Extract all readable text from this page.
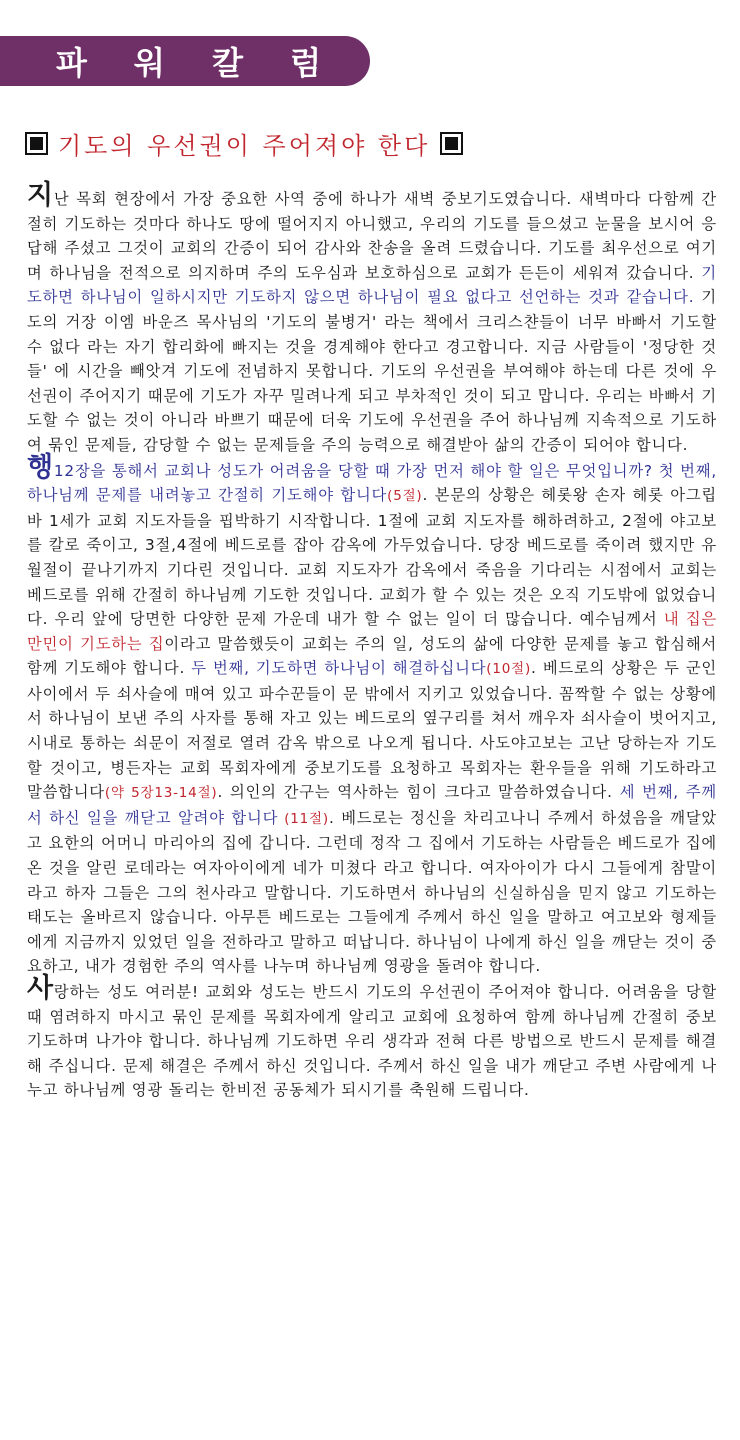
파 워 칼 럼
기도의 우선권이 주어져야 한다

지난 목회 현장에서 가장 중요한 사역 중에 하나가 새벽 중보기도였습니다. 새벽마다 다함께 간절히 기도하는 것마다 하나도 땅에 떨어지지 아니했고, 우리의 기도를 들으셨고 눈물을 보시어 응답해 주셨고 그것이 교회의 간증이 되어 감사와 찬송을 올려 드렸습니다. 기도를 최우선으로 여기며 하나님을 전적으로 의지하며 주의 도우심과 보호하심으로 교회가 든든이 세워져 갔습니다. 기도하면 하나님이 일하시지만 기도하지 않으면 하나님이 필요 없다고 선언하는 것과 같습니다. 기도의 거장 이엠 바운즈 목사님의 '기도의 불병거' 라는 책에서 크리스챤들이 너무 바빠서 기도할 수 없다 라는 자기 합리화에 빠지는 것을 경계해야 한다고 경고합니다. 지금 사람들이 '정당한 것들' 에 시간을 빼앗겨 기도에 전념하지 못합니다. 기도의 우선권을 부여해야 하는데 다른 것에 우선권이 주어지기 때문에 기도가 자꾸 밀려나게 되고 부차적인 것이 되고 맙니다. 우리는 바빠서 기도할 수 없는 것이 아니라 바쁘기 때문에 더욱 기도에 우선권을 주어 하나님께 지속적으로 기도하여 묶인 문제들, 감당할 수 없는 문제들을 주의 능력으로 해결받아 삶의 간증이 되어야 합니다.

행12장을 통해서 교회나 성도가 어려움을 당할 때 가장 먼저 해야 할 일은 무엇입니까? 첫 번째, 하나님께 문제를 내려놓고 간절히 기도해야 합니다(5절). 본문의 상황은 헤롯왕 손자 헤롯 아그립바 1세가 교회 지도자들을 핍박하기 시작합니다. 1절에 교회 지도자를 해하려하고, 2절에 야고보를 칼로 죽이고, 3절,4절에 베드로를 잡아 감옥에 가두었습니다. 당장 베드로를 죽이려 했지만 유월절이 끝나기까지 기다린 것입니다. 교회 지도자가 감옥에서 죽음을 기다리는 시점에서 교회는 베드로를 위해 간절히 하나님께 기도한 것입니다. 교회가 할 수 있는 것은 오직 기도밖에 없었습니다. 우리 앞에 당면한 다양한 문제 가운데 내가 할 수 없는 일이 더 많습니다. 예수님께서 내 집은 만민이 기도하는 집이라고 말씀했듯이 교회는 주의 일, 성도의 삶에 다양한 문제를 놓고 합심해서 함께 기도해야 합니다. 두 번째, 기도하면 하나님이 해결하십니다(10절). 베드로의 상황은 두 군인 사이에서 두 쇠사슬에 매여 있고 파수꾼들이 문 밖에서 지키고 있었습니다. 꼼짝할 수 없는 상황에서 하나님이 보낸 주의 사자를 통해 자고 있는 베드로의 옆구리를 쳐서 깨우자 쇠사슬이 벗어지고, 시내로 통하는 쇠문이 저절로 열려 감옥 밖으로 나오게 됩니다. 사도야고보는 고난 당하는자 기도할 것이고, 병든자는 교회 목회자에게 중보기도를 요청하고 목회자는 환우들을 위해 기도하라고 말씀합니다(약 5장13-14절). 의인의 간구는 역사하는 힘이 크다고 말씀하였습니다. 세 번째, 주께서 하신 일을 깨닫고 알려야 합니다 (11절). 베드로는 정신을 차리고나니 주께서 하셨음을 깨달았고 요한의 어머니 마리아의 집에 갑니다. 그런데 정작 그 집에서 기도하는 사람들은 베드로가 집에 온 것을 알린 로데라는 여자아이에게 네가 미쳤다 라고 합니다. 여자아이가 다시 그들에게 참말이라고 하자 그들은 그의 천사라고 말합니다. 기도하면서 하나님의 신실하심을 믿지 않고 기도하는 태도는 올바르지 않습니다. 아무튼 베드로는 그들에게 주께서 하신 일을 말하고 여고보와 형제들에게 지금까지 있었던 일을 전하라고 말하고 떠납니다. 하나님이 나에게 하신 일을 깨닫는 것이 중요하고, 내가 경험한 주의 역사를 나누며 하나님께 영광을 돌려야 합니다.

사랑하는 성도 여러분! 교회와 성도는 반드시 기도의 우선권이 주어져야 합니다. 어려움을 당할 때 염려하지 마시고 묶인 문제를 목회자에게 알리고 교회에 요청하여 함께 하나님께 간절히 중보기도하며 나가야 합니다. 하나님께 기도하면 우리 생각과 전혀 다른 방법으로 반드시 문제를 해결해 주십니다. 문제 해결은 주께서 하신 것입니다. 주께서 하신 일을 내가 깨닫고 주변 사람에게 나누고 하나님께 영광 돌리는 한비전 공동체가 되시기를 축원해 드립니다.
